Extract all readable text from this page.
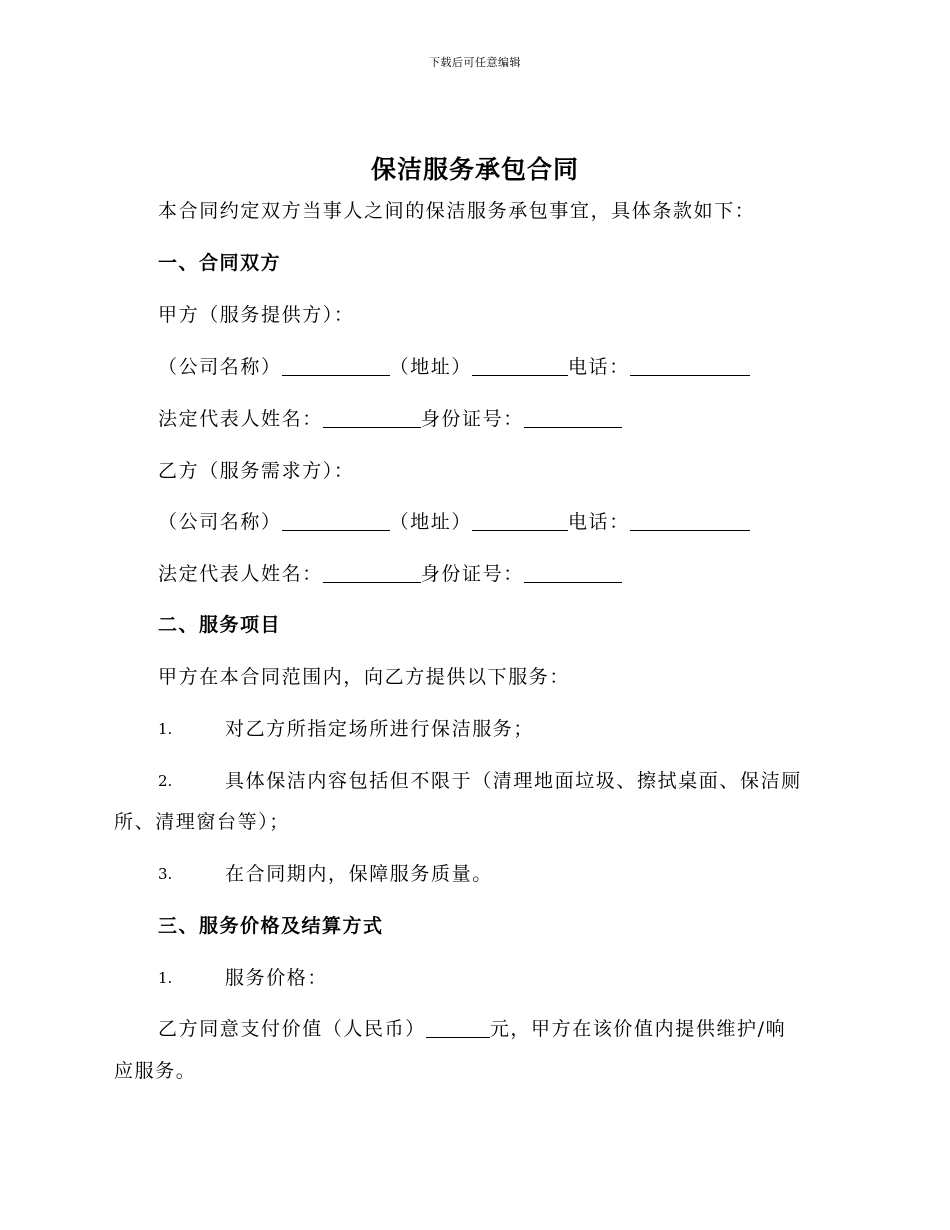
下载后可任意编辑
保洁服务承包合同
本合同约定双方当事人之间的保洁服务承包事宜，具体条款如下：
一、合同双方
甲方（服务提供方）：
（公司名称）	（地址）	电话：
法定代表人姓名：	身份证号：
乙方（服务需求方）：
（公司名称）	（地址）	电话：
法定代表人姓名：	身份证号：
二、服务项目
甲方在本合同范围内，向乙方提供以下服务：
1.	对乙方所指定场所进行保洁服务；
2.	具体保洁内容包括但不限于（清理地面垃圾、擦拭桌面、保洁厕
所、清理窗台等）；
3.	在合同期内，保障服务质量。
三、服务价格及结算方式
1.	服务价格：
乙方同意支付价值（人民币）	元，甲方在该价值内提供维护/响
应服务。
